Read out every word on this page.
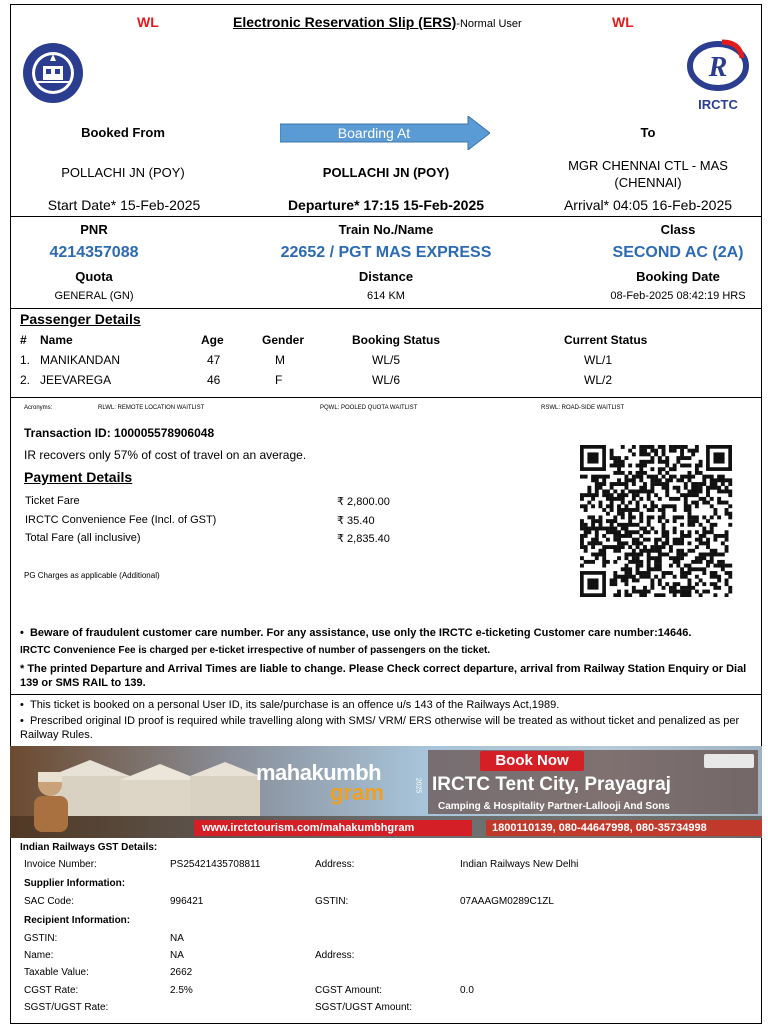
WL	WL
Electronic Reservation Slip (ERS)-Normal User
R
IRCTC
Booked From	Boarding At	To
POLLACHI JN (POY)	POLLACHI JN (POY)	MGR CHENNAI CTL - MAS
(CHENNAI)
Start Date* 15-Feb-2025	Departure* 17:15 15-Feb-2025	Arrival* 04:05 16-Feb-2025
PNR	Train No./Name	Class
4214357088	22652 / PGT MAS EXPRESS	SECOND AC (2A)
Quota	Distance	Booking Date
GENERAL (GN)	614 KM	08-Feb-2025 08:42:19 HRS
Passenger Details
# Name	Age	Gender	Booking Status	Current Status
1. MANIKANDAN	47	M	WL/5	WL/1
2. JEEVAREGA	46	F	WL/6	WL/2
Acronyms:	RLWL: REMOTE LOCATION WAITLIST	PQWL: POOLED QUOTA WAITLIST	RSWL: ROAD-SIDE WAITLIST
Transaction ID: 100005578906048
IR recovers only 57% of cost of travel on an average.
Payment Details
Ticket Fare	₹ 2,800.00
IRCTC Convenience Fee (Incl. of GST)	₹ 35.40
Total Fare (all inclusive)	₹ 2,835.40
PG Charges as applicable (Additional)
•  Beware of fraudulent customer care number. For any assistance, use only the IRCTC e-ticketing Customer care number:14646.
IRCTC Convenience Fee is charged per e-ticket irrespective of number of passengers on the ticket.
* The printed Departure and Arrival Times are liable to change. Please Check correct departure, arrival from Railway Station Enquiry or Dial 139 or SMS RAIL to 139.
•  This ticket is booked on a personal User ID, its sale/purchase is an offence u/s 143 of the Railways Act,1989.
•  Prescribed original ID proof is required while travelling along with SMS/ VRM/ ERS otherwise will be treated as without ticket and penalized as per Railway Rules.
mahakumbh
gram	2025
Book Now
IRCTC Tent City, Prayagraj
Camping & Hospitality Partner-Lallooji And Sons
www.irctctourism.com/mahakumbhgram	1800110139, 080-44647998, 080-35734998
Indian Railways GST Details:
Invoice Number:	PS25421435708811	Address:	Indian Railways New Delhi
Supplier Information:
SAC Code:	996421	GSTIN:	07AAAGM0289C1ZL
Recipient Information:
GSTIN:	NA
Name:	NA	Address:
Taxable Value:	2662
CGST Rate:	2.5%	CGST Amount:	0.0
SGST/UGST Rate:	SGST/UGST Amount:
